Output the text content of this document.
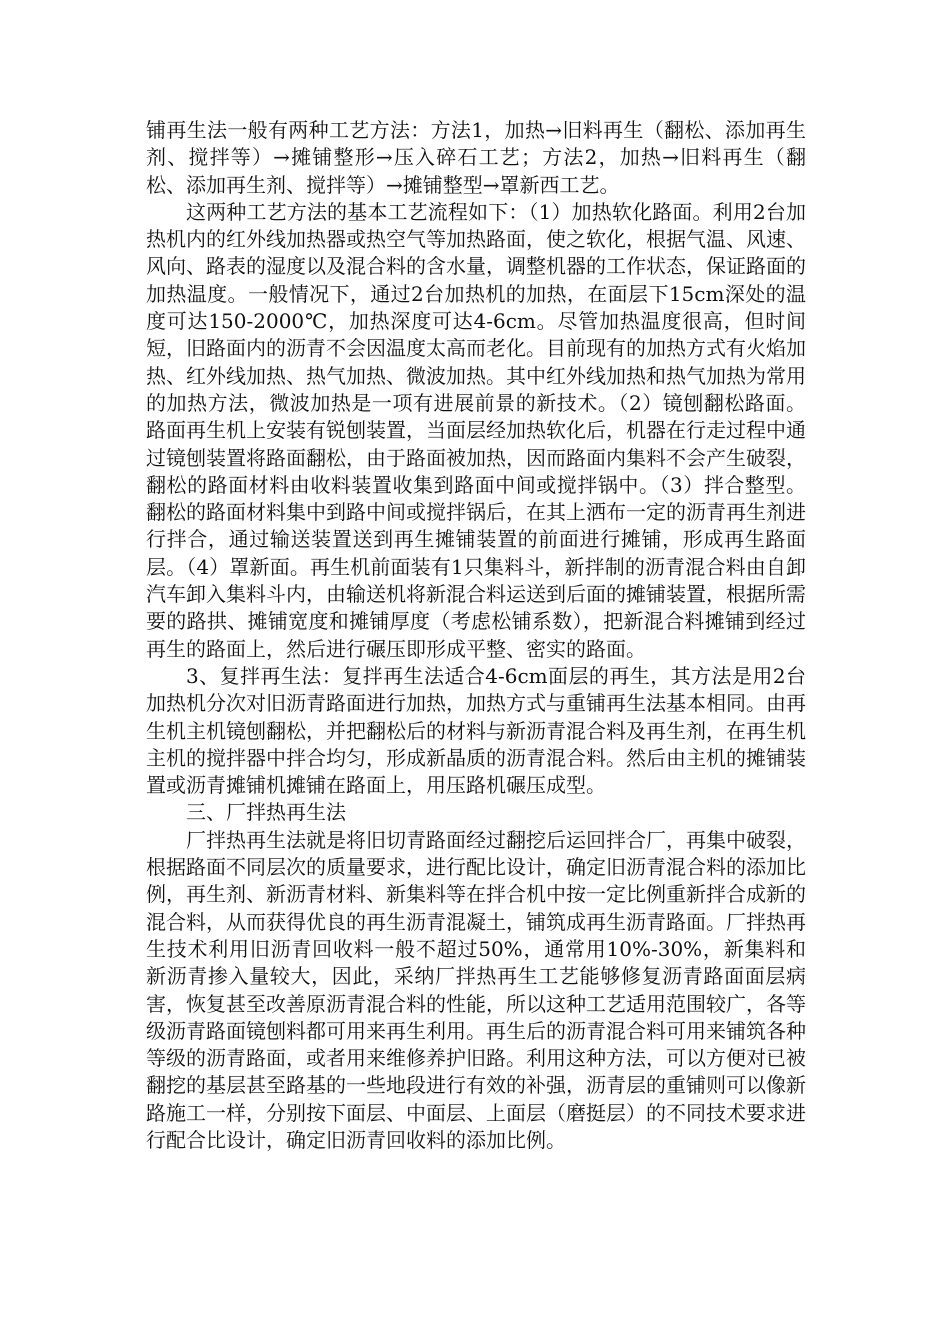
铺再生法一般有两种工艺方法：方法1，加热→旧料再生（翻松、添加再生剂、搅拌等）→摊铺整形→压入碎石工艺；方法2，加热→旧料再生（翻松、添加再生剂、搅拌等）→摊铺整型→罩新西工艺。

这两种工艺方法的基本工艺流程如下：（1）加热软化路面。利用2台加热机内的红外线加热器或热空气等加热路面，使之软化，根据气温、风速、风向、路表的湿度以及混合料的含水量，调整机器的工作状态，保证路面的加热温度。一般情况下，通过2台加热机的加热，在面层下15cm深处的温度可达150-2000℃，加热深度可达4-6cm。尽管加热温度很高，但时间短，旧路面内的沥青不会因温度太高而老化。目前现有的加热方式有火焰加热、红外线加热、热气加热、微波加热。其中红外线加热和热气加热为常用的加热方法，微波加热是一项有进展前景的新技术。（2）镜刨翻松路面。路面再生机上安装有锐刨装置，当面层经加热软化后，机器在行走过程中通过镜刨装置将路面翻松，由于路面被加热，因而路面内集料不会产生破裂，翻松的路面材料由收料装置收集到路面中间或搅拌锅中。（3）拌合整型。翻松的路面材料集中到路中间或搅拌锅后，在其上洒布一定的沥青再生剂进行拌合，通过输送装置送到再生摊铺装置的前面进行摊铺，形成再生路面层。（4）罩新面。再生机前面装有1只集料斗，新拌制的沥青混合料由自卸汽车卸入集料斗内，由输送机将新混合料运送到后面的摊铺装置，根据所需要的路拱、摊铺宽度和摊铺厚度（考虑松铺系数），把新混合料摊铺到经过再生的路面上，然后进行碾压即形成平整、密实的路面。

3、复拌再生法：复拌再生法适合4-6cm面层的再生，其方法是用2台加热机分次对旧沥青路面进行加热，加热方式与重铺再生法基本相同。由再生机主机镜刨翻松，并把翻松后的材料与新沥青混合料及再生剂，在再生机主机的搅拌器中拌合均匀，形成新晶质的沥青混合料。然后由主机的摊铺装置或沥青摊铺机摊铺在路面上，用压路机碾压成型。

三、厂拌热再生法

厂拌热再生法就是将旧切青路面经过翻挖后运回拌合厂，再集中破裂，根据路面不同层次的质量要求，进行配比设计，确定旧沥青混合料的添加比例，再生剂、新沥青材料、新集料等在拌合机中按一定比例重新拌合成新的混合料，从而获得优良的再生沥青混凝土，铺筑成再生沥青路面。厂拌热再生技术利用旧沥青回收料一般不超过50%，通常用10%-30%，新集料和新沥青掺入量较大，因此，采纳厂拌热再生工艺能够修复沥青路面面层病害，恢复甚至改善原沥青混合料的性能，所以这种工艺适用范围较广，各等级沥青路面镜刨料都可用来再生利用。再生后的沥青混合料可用来铺筑各种等级的沥青路面，或者用来维修养护旧路。利用这种方法，可以方便对已被翻挖的基层甚至路基的一些地段进行有效的补强，沥青层的重铺则可以像新路施工一样，分别按下面层、中面层、上面层（磨挺层）的不同技术要求进行配合比设计，确定旧沥青回收料的添加比例。
